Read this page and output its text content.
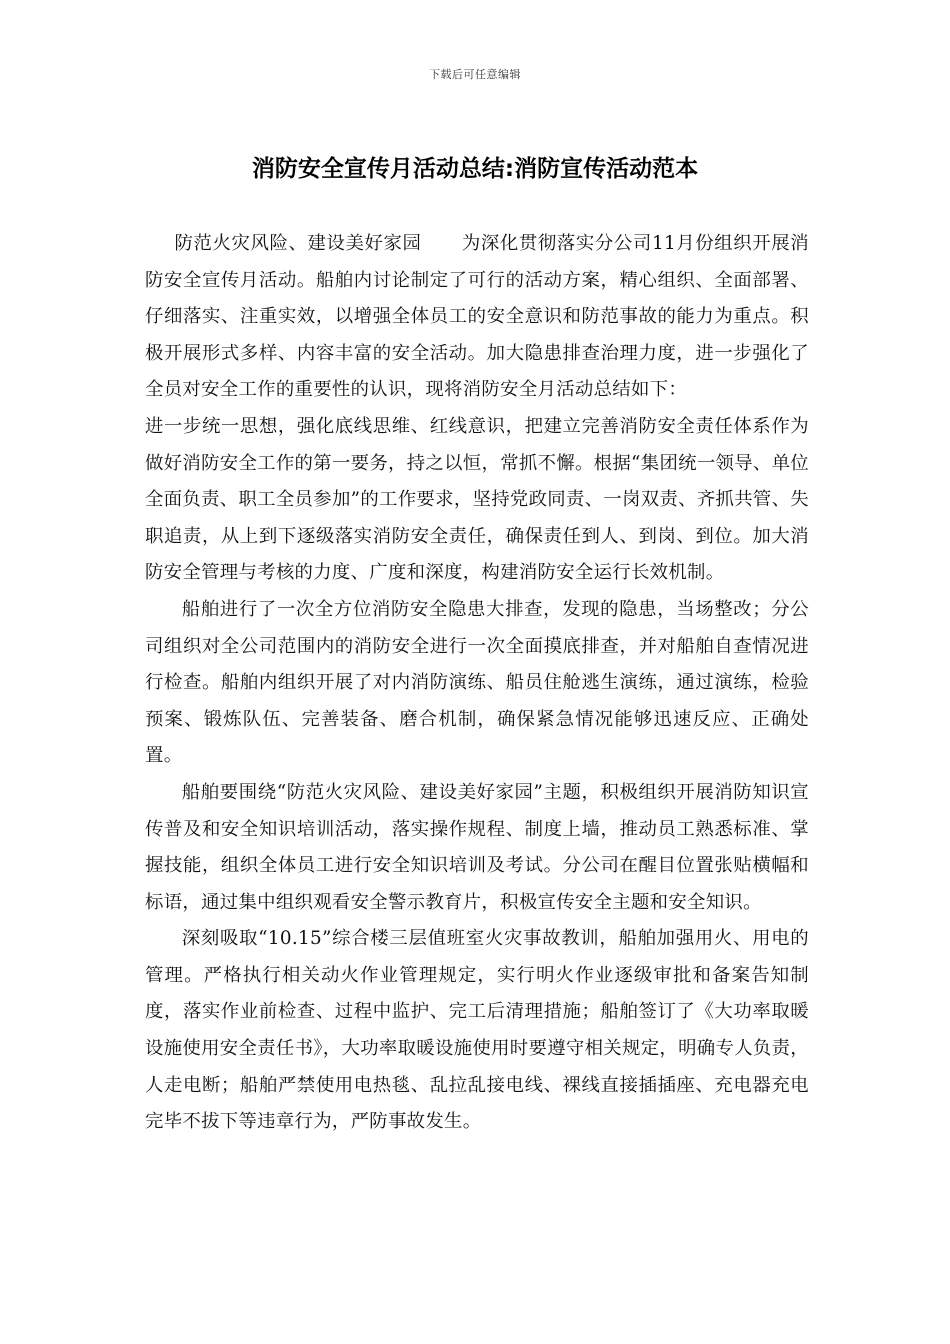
下载后可任意编辑
消防安全宣传月活动总结:消防宣传活动范本

防范火灾风险、建设美好家园 为深化贯彻落实分公司11月份组织开展消防安全宣传月活动。船舶内讨论制定了可行的活动方案，精心组织、全面部署、仔细落实、注重实效，以增强全体员工的安全意识和防范事故的能力为重点。积极开展形式多样、内容丰富的安全活动。加大隐患排查治理力度，进一步强化了全员对安全工作的重要性的认识，现将消防安全月活动总结如下：

进一步统一思想，强化底线思维、红线意识，把建立完善消防安全责任体系作为做好消防安全工作的第一要务，持之以恒，常抓不懈。根据“集团统一领导、单位全面负责、职工全员参加”的工作要求，坚持党政同责、一岗双责、齐抓共管、失职追责，从上到下逐级落实消防安全责任，确保责任到人、到岗、到位。加大消防安全管理与考核的力度、广度和深度，构建消防安全运行长效机制。

船舶进行了一次全方位消防安全隐患大排查，发现的隐患，当场整改；分公司组织对全公司范围内的消防安全进行一次全面摸底排查，并对船舶自查情况进行检查。船舶内组织开展了对内消防演练、船员住舱逃生演练，通过演练，检验预案、锻炼队伍、完善装备、磨合机制，确保紧急情况能够迅速反应、正确处置。

船舶要围绕“防范火灾风险、建设美好家园”主题，积极组织开展消防知识宣传普及和安全知识培训活动，落实操作规程、制度上墙，推动员工熟悉标准、掌握技能，组织全体员工进行安全知识培训及考试。分公司在醒目位置张贴横幅和标语，通过集中组织观看安全警示教育片，积极宣传安全主题和安全知识。

深刻吸取“10.15”综合楼三层值班室火灾事故教训，船舶加强用火、用电的管理。严格执行相关动火作业管理规定，实行明火作业逐级审批和备案告知制度，落实作业前检查、过程中监护、完工后清理措施；船舶签订了《大功率取暖设施使用安全责任书》，大功率取暖设施使用时要遵守相关规定，明确专人负责，人走电断；船舶严禁使用电热毯、乱拉乱接电线、裸线直接插插座、充电器充电完毕不拔下等违章行为，严防事故发生。
